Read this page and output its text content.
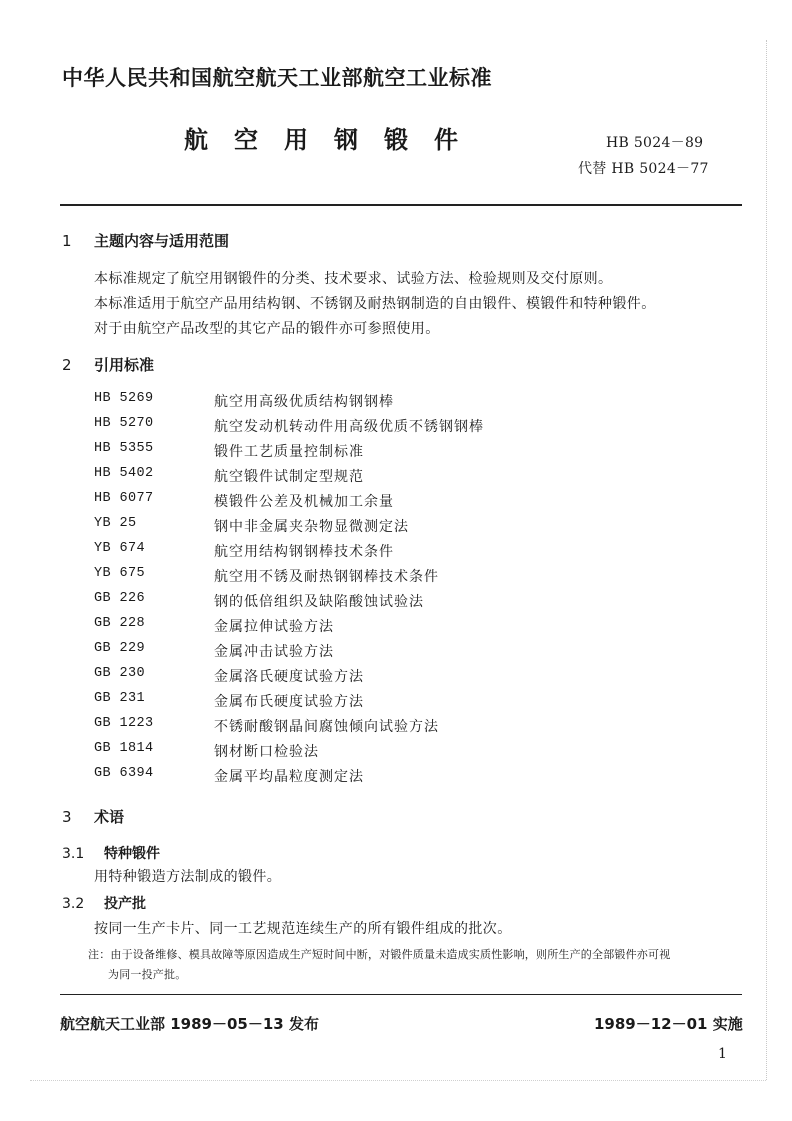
中华人民共和国航空航天工业部航空工业标准
航空用钢锻件	HB 5024－89
代替 HB 5024－77
1 主题内容与适用范围
本标准规定了航空用钢锻件的分类、技术要求、试验方法、检验规则及交付原则。
本标准适用于航空产品用结构钢、不锈钢及耐热钢制造的自由锻件、模锻件和特种锻件。
对于由航空产品改型的其它产品的锻件亦可参照使用。
2 引用标准
HB 5269	航空用高级优质结构钢钢棒
HB 5270	航空发动机转动件用高级优质不锈钢钢棒
HB 5355	锻件工艺质量控制标准
HB 5402	航空锻件试制定型规范
HB 6077	模锻件公差及机械加工余量
YB 25	钢中非金属夹杂物显微测定法
YB 674	航空用结构钢钢棒技术条件
YB 675	航空用不锈及耐热钢钢棒技术条件
GB 226	钢的低倍组织及缺陷酸蚀试验法
GB 228	金属拉伸试验方法
GB 229	金属冲击试验方法
GB 230	金属洛氏硬度试验方法
GB 231	金属布氏硬度试验方法
GB 1223	不锈耐酸钢晶间腐蚀倾向试验方法
GB 1814	钢材断口检验法
GB 6394	金属平均晶粒度测定法
3 术语
3.1 特种锻件
用特种锻造方法制成的锻件。
3.2 投产批
按同一生产卡片、同一工艺规范连续生产的所有锻件组成的批次。
注：由于设备维修、模具故障等原因造成生产短时间中断，对锻件质量未造成实质性影响，则所生产的全部锻件亦可视
为同一投产批。
航空航天工业部 1989－05－13 发布	1989－12－01 实施
1
